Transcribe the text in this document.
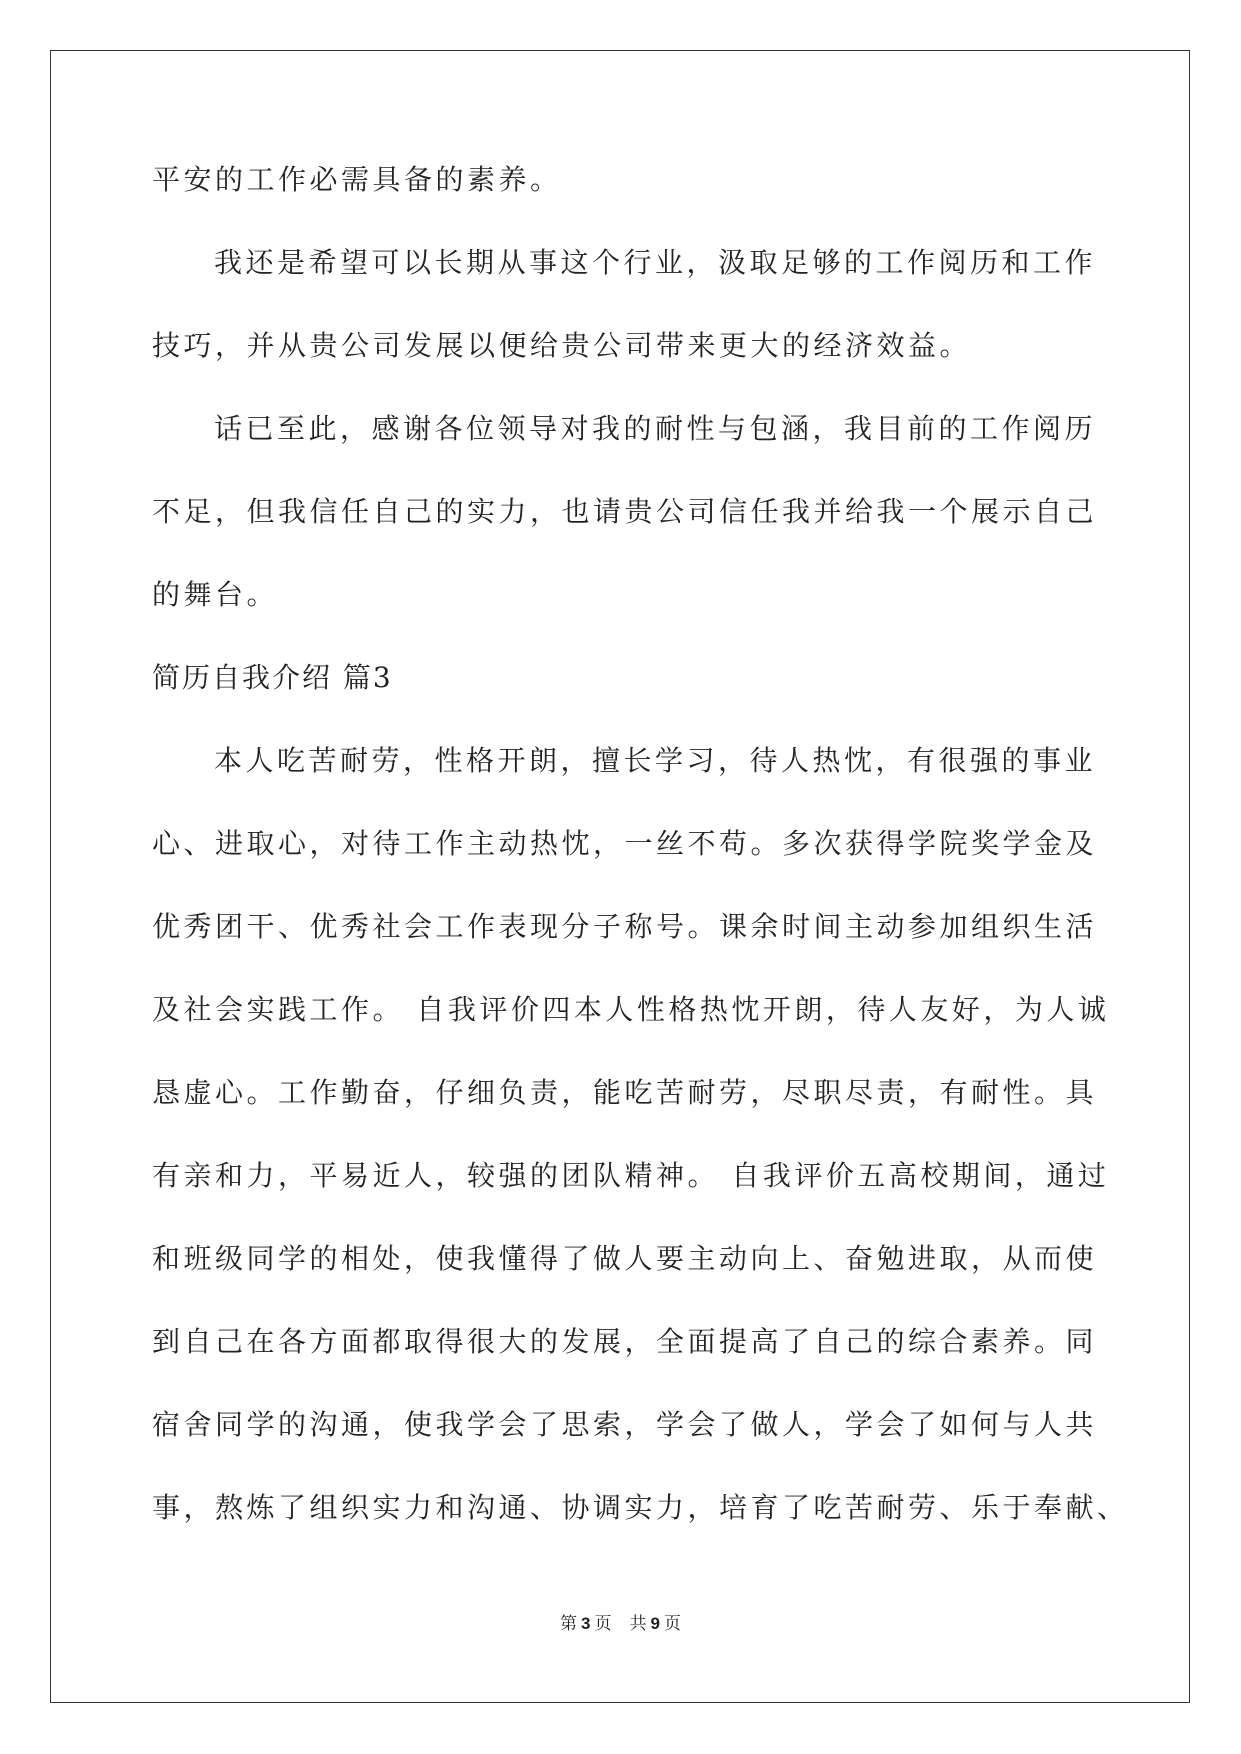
平安的工作必需具备的素养。
我还是希望可以长期从事这个行业，汲取足够的工作阅历和工作
技巧，并从贵公司发展以便给贵公司带来更大的经济效益。
话已至此，感谢各位领导对我的耐性与包涵，我目前的工作阅历
不足，但我信任自己的实力，也请贵公司信任我并给我一个展示自己
的舞台。
简历自我介绍 篇3
本人吃苦耐劳，性格开朗，擅长学习，待人热忱，有很强的事业
心、进取心，对待工作主动热忱，一丝不苟。多次获得学院奖学金及
优秀团干、优秀社会工作表现分子称号。课余时间主动参加组织生活
及社会实践工作。 自我评价四本人性格热忱开朗，待人友好，为人诚
恳虚心。工作勤奋，仔细负责，能吃苦耐劳，尽职尽责，有耐性。具
有亲和力，平易近人，较强的团队精神。 自我评价五高校期间，通过
和班级同学的相处，使我懂得了做人要主动向上、奋勉进取，从而使
到自己在各方面都取得很大的发展，全面提高了自己的综合素养。同
宿舍同学的沟通，使我学会了思索，学会了做人，学会了如何与人共
事，熬炼了组织实力和沟通、协调实力，培育了吃苦耐劳、乐于奉献、
第 3 页 共 9 页
